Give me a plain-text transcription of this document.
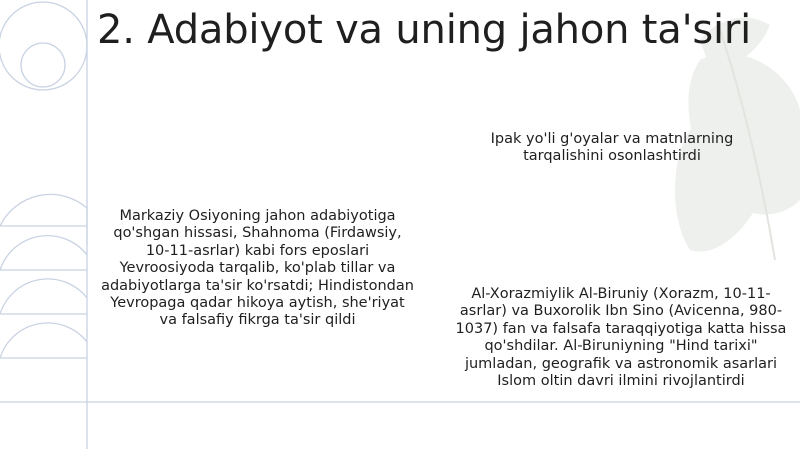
2. Adabiyot va uning jahon ta'siri
Markaziy Osiyoning jahon adabiyotiga qo'shgan hissasi, Shahnoma (Firdawsiy, 10-11-asrlar) kabi fors eposlari Yevroosiyoda tarqalib, ko'plab tillar va adabiyotlarga ta'sir ko'rsatdi; Hindistondan Yevropaga qadar hikoya aytish, she'riyat va falsafiy fikrga ta'sir qildi
Ipak yo'li g'oyalar va matnlarning tarqalishini osonlashtirdi
Al-Xorazmiylik Al-Biruniy (Xorazm, 10-11-asrlar) va Buxorolik Ibn Sino (Avicenna, 980-1037) fan va falsafa taraqqiyotiga katta hissa qo'shdilar. Al-Biruniyning "Hind tarixi" jumladan, geografik va astronomik asarlari Islom oltin davri ilmini rivojlantirdi
